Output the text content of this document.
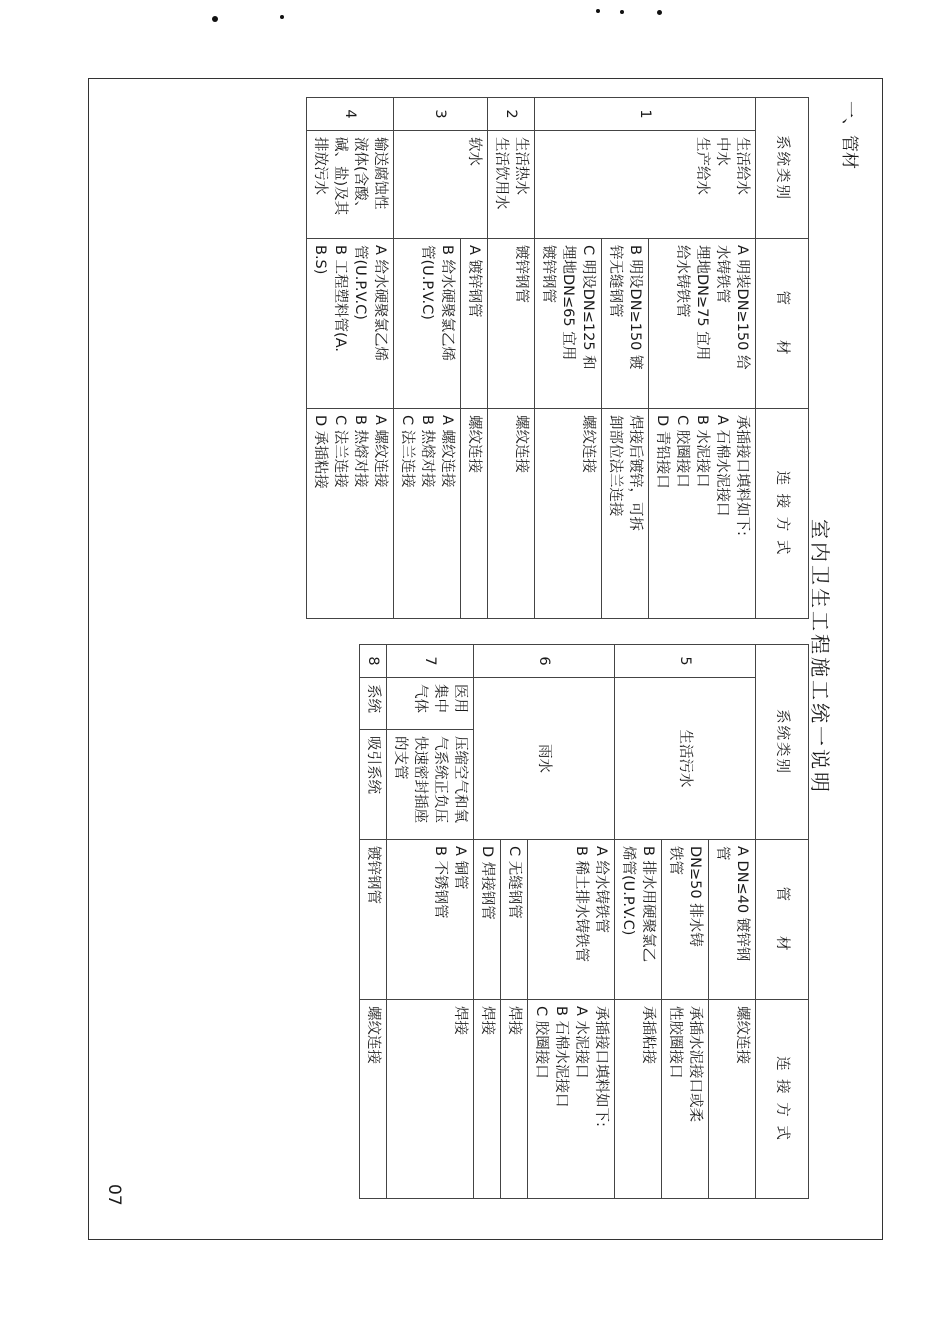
室内卫生工程施工统一说明
一、管材
系统类别		管　　材	连 接 方 式
1	生活给水
中水
生产给水	A 明装DN≥150 给
水铸铁管
埋地DN≥75 宜用
给水铸铁管	承插接口填料如下:
A 石棉水泥接口
B 水泥接口
C 胶圈接口
D 青铅接口

		B 明设DN≥150 镀
锌无缝钢管	焊接后镀锌，可拆
卸部位法兰连接

		C 明设DN≤125 和
埋地DN≤65 宜用
镀锌钢管	螺纹连接

2	生活热水
生活饮用水	镀锌钢管	螺纹连接

3	软水	A 镀锌钢管	螺纹连接

		B 给水硬聚氯乙烯
管(U.P.V.C)	A 螺纹连接
B 热熔对接
C 法兰连接

4	输送腐蚀性
液体(含酸、
碱、盐)及其
排放污水	A 给水硬聚氯乙烯
管(U.P.V.C)
B 工程塑料管(A.
B.S)	A 螺纹连接
B 热熔对接
C 法兰连接
D 承插粘接
系统类别			管　　材	连 接 方 式
5	生活污水		A DN≤40 镀锌钢
管	螺纹连接

			DN≥50 排水铸
铁管	承插水泥接口或柔
性胶圈接口

			B 排水用硬聚氯乙
烯管(U.P.V.C)	承插粘接

6	雨水		A 给水铸铁管
B 稀土排水铸铁管	承插接口填料如下:
A 水泥接口
B 石棉水泥接口
C 胶圈接口

			C 无缝钢管	焊接

			D 焊接钢管	焊接

7	医用
集中
气体	压缩空气和氧
气系统正负压
快速密封插座
的支管	A 铜管
B 不锈钢管	焊接

8	系统	吸引系统	镀锌钢管	螺纹连接
07
